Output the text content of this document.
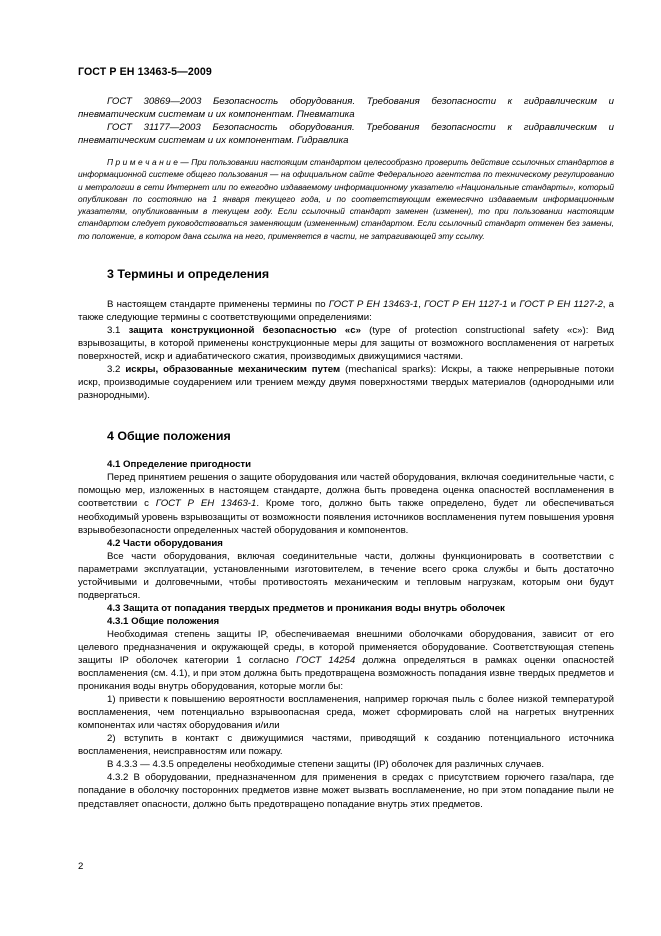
ГОСТ Р ЕН 13463-5—2009

ГОСТ 30869—2003 Безопасность оборудования. Требования безопасности к гидравлическим и пневматическим системам и их компонентам. Пневматика

ГОСТ 31177—2003 Безопасность оборудования. Требования безопасности к гидравлическим и пневматическим системам и их компонентам. Гидравлика

П р и м е ч а н и е — При пользовании настоящим стандартом целесообразно проверить действие ссылочных стандартов в информационной системе общего пользования — на официальном сайте Федерального агентства по техническому регулированию и метрологии в сети Интернет или по ежегодно издаваемому информационному указателю «Национальные стандарты», который опубликован по состоянию на 1 января текущего года, и по соответствующим ежемесячно издаваемым информационным указателям, опубликованным в текущем году. Если ссылочный стандарт заменен (изменен), то при пользовании настоящим стандартом следует руководствоваться заменяющим (измененным) стандартом. Если ссылочный стандарт отменен без замены, то положение, в котором дана ссылка на него, применяется в части, не затрагивающей эту ссылку.

3 Термины и определения

В настоящем стандарте применены термины по ГОСТ Р ЕН 13463-1, ГОСТ Р ЕН 1127-1 и ГОСТ Р ЕН 1127-2, а также следующие термины с соответствующими определениями:

3.1 защита конструкционной безопасностью «с» (type of protection constructional safety «c»): Вид взрывозащиты, в которой применены конструкционные меры для защиты от возможного воспламенения от нагретых поверхностей, искр и адиабатического сжатия, производимых движущимися частями.

3.2 искры, образованные механическим путем (mechanical sparks): Искры, а также непрерывные потоки искр, производимые соударением или трением между двумя поверхностями твердых материалов (однородными или разнородными).

4 Общие положения

4.1 Определение пригодности

Перед принятием решения о защите оборудования или частей оборудования, включая соединительные части, с помощью мер, изложенных в настоящем стандарте, должна быть проведена оценка опасностей воспламенения в соответствии с ГОСТ Р ЕН 13463-1. Кроме того, должно быть также определено, будет ли обеспечиваться необходимый уровень взрывозащиты от возможности появления источников воспламенения путем повышения уровня взрывобезопасности определенных частей оборудования и компонентов.

4.2 Части оборудования

Все части оборудования, включая соединительные части, должны функционировать в соответствии с параметрами эксплуатации, установленными изготовителем, в течение всего срока службы и быть достаточно устойчивыми и долговечными, чтобы противостоять механическим и тепловым нагрузкам, которым они будут подвергаться.

4.3 Защита от попадания твердых предметов и проникания воды внутрь оболочек

4.3.1 Общие положения

Необходимая степень защиты IP, обеспечиваемая внешними оболочками оборудования, зависит от его целевого предназначения и окружающей среды, в которой применяется оборудование. Соответствующая степень защиты IP оболочек категории 1 согласно ГОСТ 14254 должна определяться в рамках оценки опасностей воспламенения (см. 4.1), и при этом должна быть предотвращена возможность попадания извне твердых предметов и проникания воды внутрь оборудования, которые могли бы:

1) привести к повышению вероятности воспламенения, например горючая пыль с более низкой температурой воспламенения, чем потенциально взрывоопасная среда, может сформировать слой на нагретых внутренних компонентах или частях оборудования и/или

2) вступить в контакт с движущимися частями, приводящий к созданию потенциального источника воспламенения, неисправностям или пожару.

В 4.3.3 — 4.3.5 определены необходимые степени защиты (IP) оболочек для различных случаев.

4.3.2 В оборудовании, предназначенном для применения в средах с присутствием горючего газа/пара, где попадание в оболочку посторонних предметов извне может вызвать воспламенение, но при этом попадание пыли не представляет опасности, должно быть предотвращено попадание внутрь этих предметов.

2
